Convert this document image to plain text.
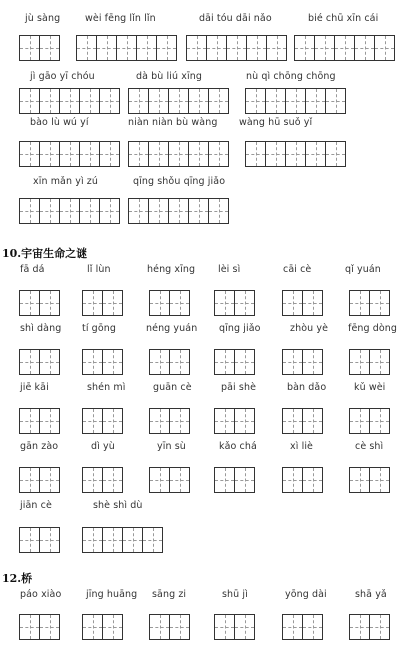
jù sàng	wèi fēng lǐn lǐn	dāi tóu dāi nǎo	bié chū xīn cái
jì gāo yī chóu	dà bù liú xīng	nù qì chōng chōng
bào lù wú yí	niàn niàn bù wàng wàng hū suǒ yǐ
xīn mǎn yì zú	qīng shǒu qīng jiǎo
10.宇宙生命之谜
fā dá	lǐ lùn	héng xīng lèi sì	cāi cè	qǐ yuán
shì dàng tí gōng	néng yuán qīng jiǎo	zhòu yè fēng dòng
jiē kāi	shén mì	guān cè	pāi shè	bàn dǎo	kǔ wèi
gān zào	dì yù	yīn sù	kǎo chá	xì liè	cè shì
jiān cè	shè shì dù
12.桥
páo xiào	jīng huāng sāng zi	shū jì	yōng dài	shā yǎ
